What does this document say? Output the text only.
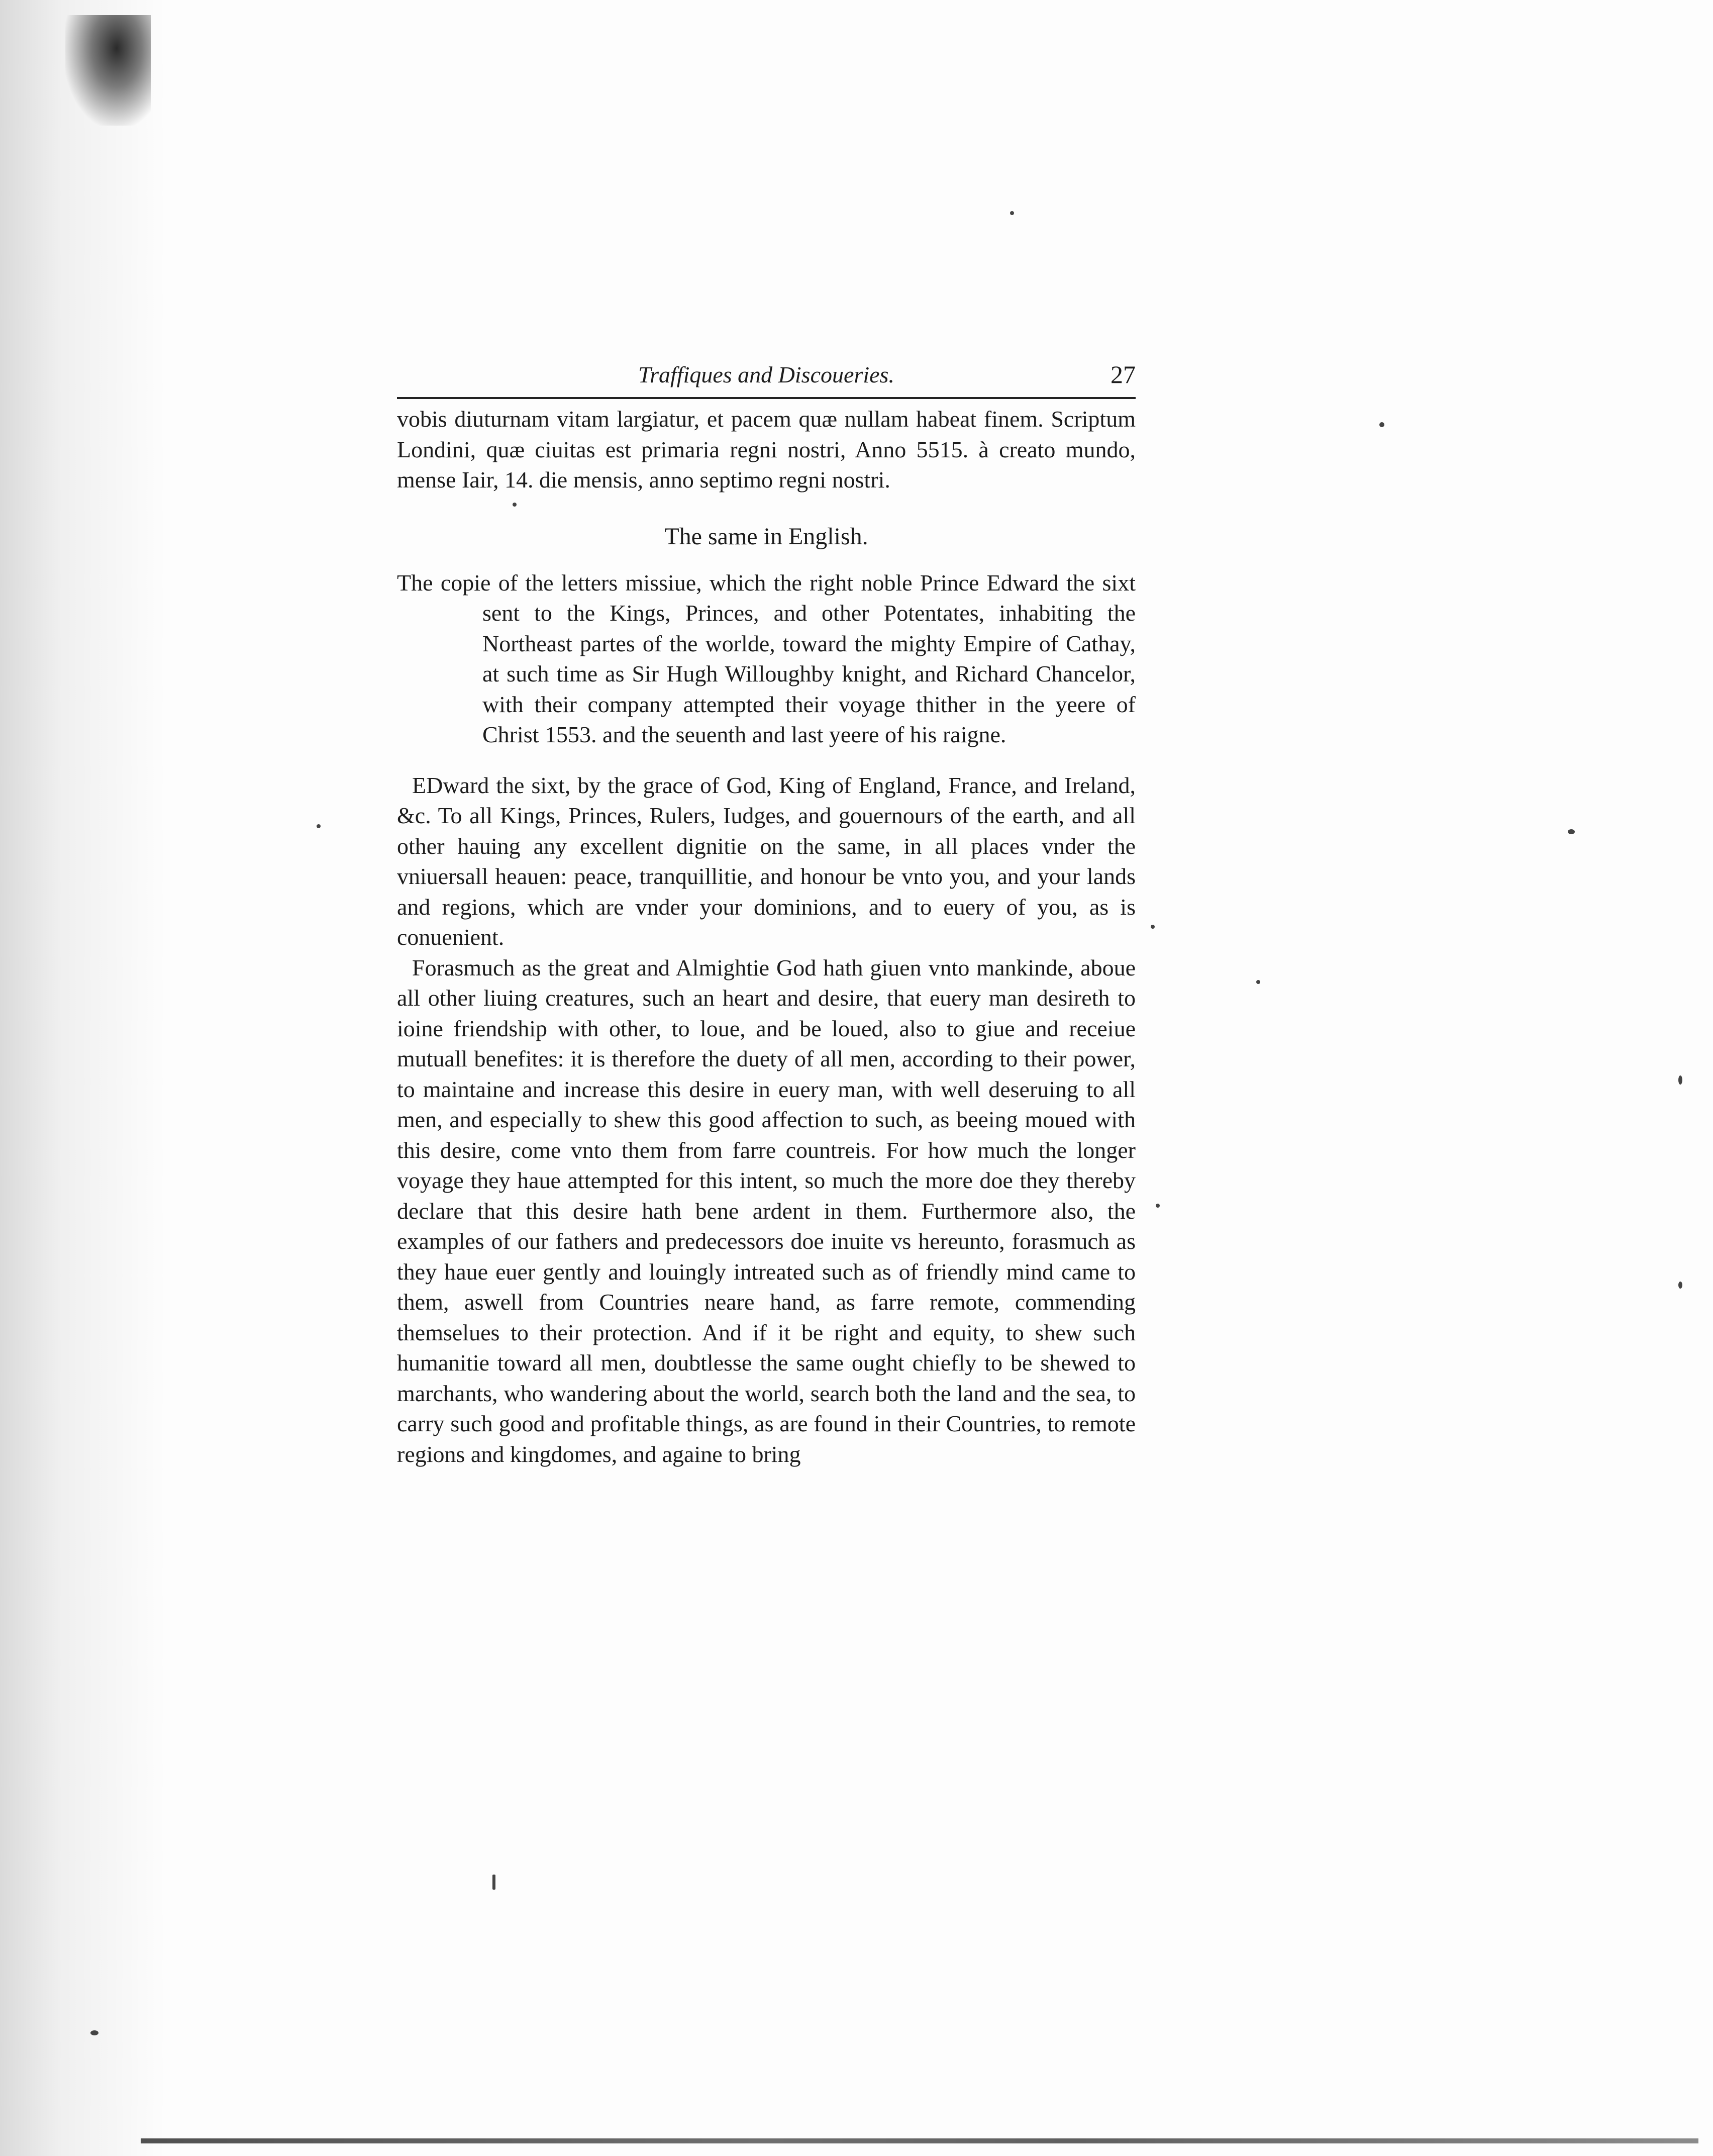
Traffiques and Discoueries.	27

vobis diuturnam vitam largiatur, et pacem quæ nullam habeat finem. Scriptum Londini, quæ ciuitas est primaria regni nostri, Anno 5515. à creato mundo, mense Iair, 14. die mensis, anno septimo regni nostri.

The same in English.

The copie of the letters missiue, which the right noble Prince Edward the sixt sent to the Kings, Princes, and other Potentates, inhabiting the Northeast partes of the worlde, toward the mighty Empire of Cathay, at such time as Sir Hugh Willoughby knight, and Richard Chancelor, with their company attempted their voyage thither in the yeere of Christ 1553. and the seuenth and last yeere of his raigne.

EDward the sixt, by the grace of God, King of England, France, and Ireland, &c. To all Kings, Princes, Rulers, Iudges, and gouernours of the earth, and all other hauing any excellent dignitie on the same, in all places vnder the vniuersall heauen: peace, tranquillitie, and honour be vnto you, and your lands and regions, which are vnder your dominions, and to euery of you, as is conuenient.

Forasmuch as the great and Almightie God hath giuen vnto mankinde, aboue all other liuing creatures, such an heart and desire, that euery man desireth to ioine friendship with other, to loue, and be loued, also to giue and receiue mutuall benefites: it is therefore the duety of all men, according to their power, to maintaine and increase this desire in euery man, with well deseruing to all men, and especially to shew this good affection to such, as beeing moued with this desire, come vnto them from farre countreis. For how much the longer voyage they haue attempted for this intent, so much the more doe they thereby declare that this desire hath bene ardent in them. Furthermore also, the examples of our fathers and predecessors doe inuite vs hereunto, forasmuch as they haue euer gently and louingly intreated such as of friendly mind came to them, aswell from Countries neare hand, as farre remote, commending themselues to their protection. And if it be right and equity, to shew such humanitie toward all men, doubtlesse the same ought chiefly to be shewed to marchants, who wandering about the world, search both the land and the sea, to carry such good and profitable things, as are found in their Countries, to remote regions and kingdomes, and againe to bring
